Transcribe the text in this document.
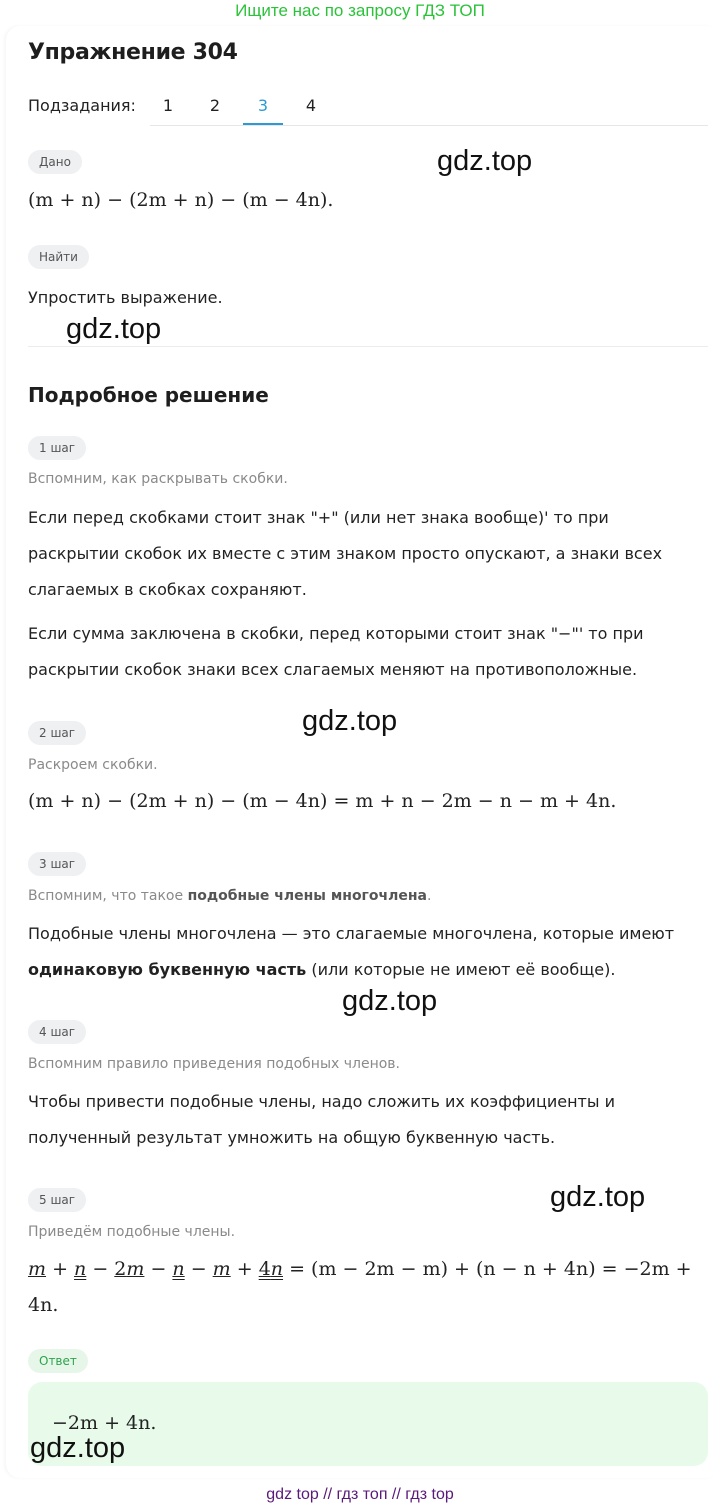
Ищите нас по запросу ГДЗ ТОП
Упражнение 304
Подзадания:	1	2	3	4
Дано
(m + n) − (2m + n) − (m − 4n).
Найти
Упростить выражение.
Подробное решение
1 шаг
Вспомним, как раскрывать скобки.
Если перед скобками стоит знак "+" (или нет знака вообще)' то при раскрытии скобок их вместе с этим знаком просто опускают, а знаки всех слагаемых в скобках сохраняют.
Если сумма заключена в скобки, перед которыми стоит знак "−"' то при раскрытии скобок знаки всех слагаемых меняют на противоположные.
2 шаг
Раскроем скобки.
(m + n) − (2m + n) − (m − 4n) = m + n − 2m − n − m + 4n.
3 шаг
Вспомним, что такое подобные члены многочлена.
Подобные члены многочлена — это слагаемые многочлена, которые имеют одинаковую буквенную часть (или которые не имеют её вообще).
4 шаг
Вспомним правило приведения подобных членов.
Чтобы привести подобные члены, надо сложить их коэффициенты и полученный результат умножить на общую буквенную часть.
5 шаг
Приведём подобные члены.
m + n − 2m − n − m + 4n = (m − 2m − m) + (n − n + 4n) = −2m +
4n.
Ответ
−2m + 4n.
gdz.top
gdz.top
gdz.top
gdz.top
gdz.top
gdz.top
gdz top // гдз топ // гдз top
